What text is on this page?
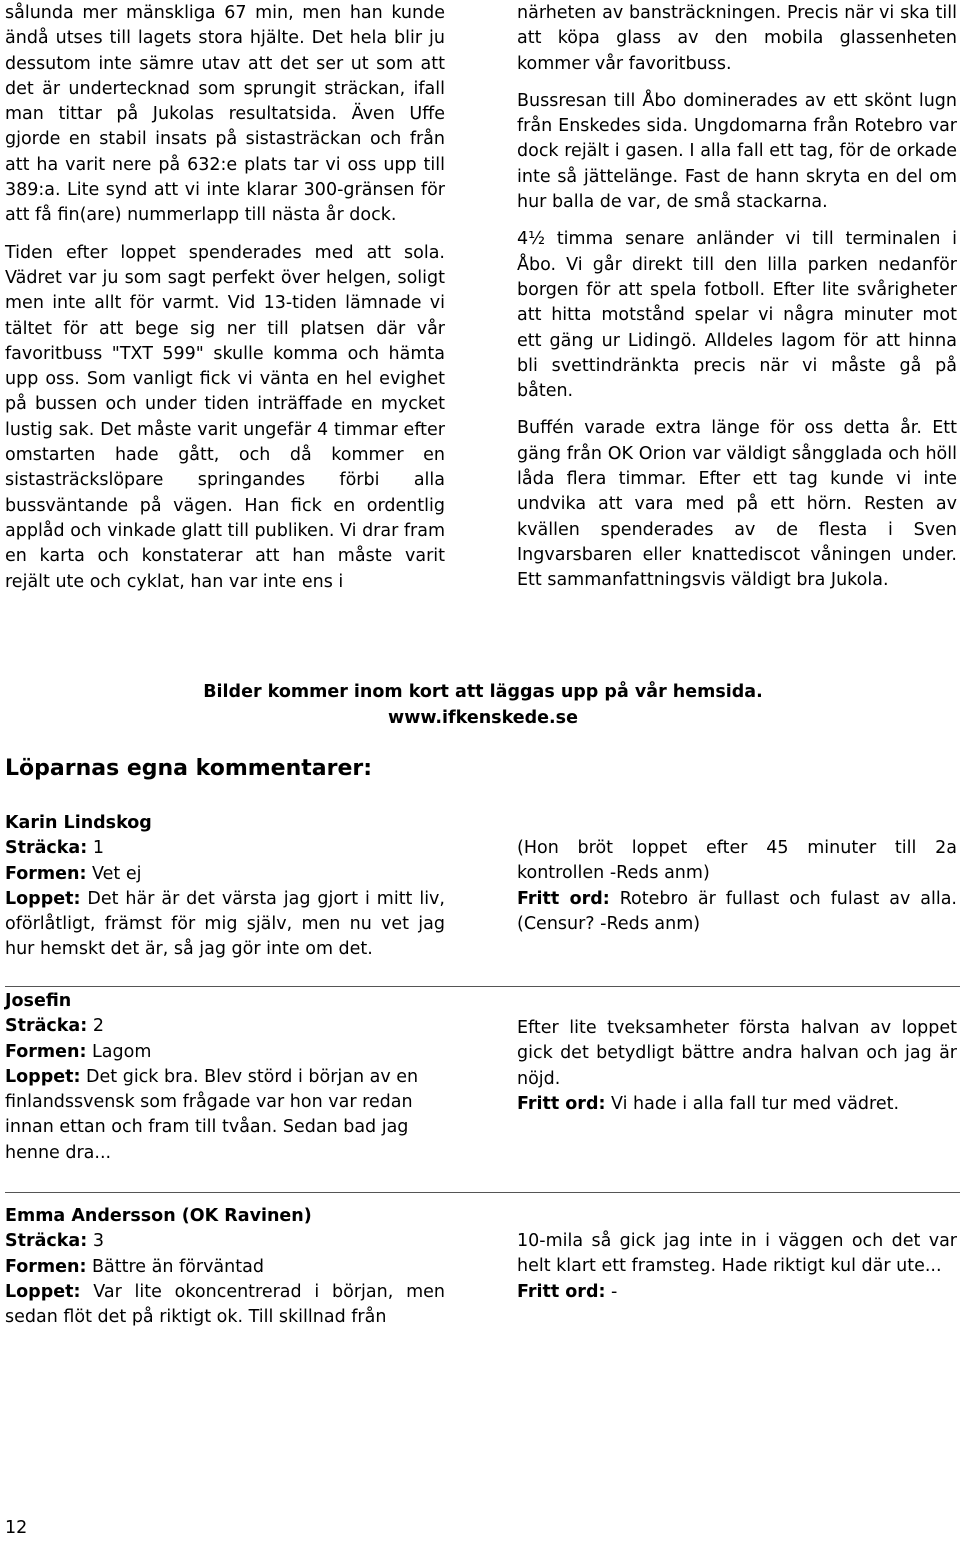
sålunda mer mänskliga 67 min, men han kunde ändå utses till lagets stora hjälte. Det hela blir ju dessutom inte sämre utav att det ser ut som att det är undertecknad som sprungit sträckan, ifall man tittar på Jukolas resultatsida. Även Uffe gjorde en stabil insats på sistasträckan och från att ha varit nere på 632:e plats tar vi oss upp till 389:a. Lite synd att vi inte klarar 300-gränsen för att få fin(are) nummerlapp till nästa år dock.

Tiden efter loppet spenderades med att sola. Vädret var ju som sagt perfekt över helgen, soligt men inte allt för varmt. Vid 13-tiden lämnade vi tältet för att bege sig ner till platsen där vår favoritbuss "TXT 599" skulle komma och hämta upp oss. Som vanligt fick vi vänta en hel evighet på bussen och under tiden inträffade en mycket lustig sak. Det måste varit ungefär 4 timmar efter omstarten hade gått, och då kommer en sistasträckslöpare springandes förbi alla bussväntande på vägen. Han fick en ordentlig applåd och vinkade glatt till publiken. Vi drar fram en karta och konstaterar att han måste varit rejält ute och cyklat, han var inte ens i

närheten av bansträckningen. Precis när vi ska till att köpa glass av den mobila glassenheten kommer vår favoritbuss.

Bussresan till Åbo dominerades av ett skönt lugn från Enskedes sida. Ungdomarna från Rotebro var dock rejält i gasen. I alla fall ett tag, för de orkade inte så jättelänge. Fast de hann skryta en del om hur balla de var, de små stackarna.

4½ timma senare anländer vi till terminalen i Åbo. Vi går direkt till den lilla parken nedanför borgen för att spela fotboll. Efter lite svårigheter att hitta motstånd spelar vi några minuter mot ett gäng ur Lidingö. Alldeles lagom för att hinna bli svettindränkta precis när vi måste gå på båten.

Buffén varade extra länge för oss detta år. Ett gäng från OK Orion var väldigt sångglada och höll låda flera timmar. Efter ett tag kunde vi inte undvika att vara med på ett hörn. Resten av kvällen spenderades av de flesta i Sven Ingvarsbaren eller knattediscot våningen under. Ett sammanfattningsvis väldigt bra Jukola.

Bilder kommer inom kort att läggas upp på vår hemsida.
www.ifkenskede.se
Löparnas egna kommentarer:

Karin Lindskog

Sträcka: 1

Formen: Vet ej

Loppet: Det här är det värsta jag gjort i mitt liv, oförlåtligt, främst för mig själv, men nu vet jag hur hemskt det är, så jag gör inte om det.

(Hon bröt loppet efter 45 minuter till 2a kontrollen -Reds anm)

Fritt ord: Rotebro är fullast och fulast av alla. (Censur? -Reds anm)

Josefin

Sträcka: 2

Formen: Lagom

Loppet: Det gick bra. Blev störd i början av en finlandssvensk som frågade var hon var redan innan ettan och fram till tvåan. Sedan bad jag henne dra...

Efter lite tveksamheter första halvan av loppet gick det betydligt bättre andra halvan och jag är nöjd.

Fritt ord: Vi hade i alla fall tur med vädret.

Emma Andersson (OK Ravinen)

Sträcka: 3

Formen: Bättre än förväntad

Loppet: Var lite okoncentrerad i början, men sedan flöt det på riktigt ok. Till skillnad från

10-mila så gick jag inte in i väggen och det var helt klart ett framsteg. Hade riktigt kul där ute...

Fritt ord: -

12
